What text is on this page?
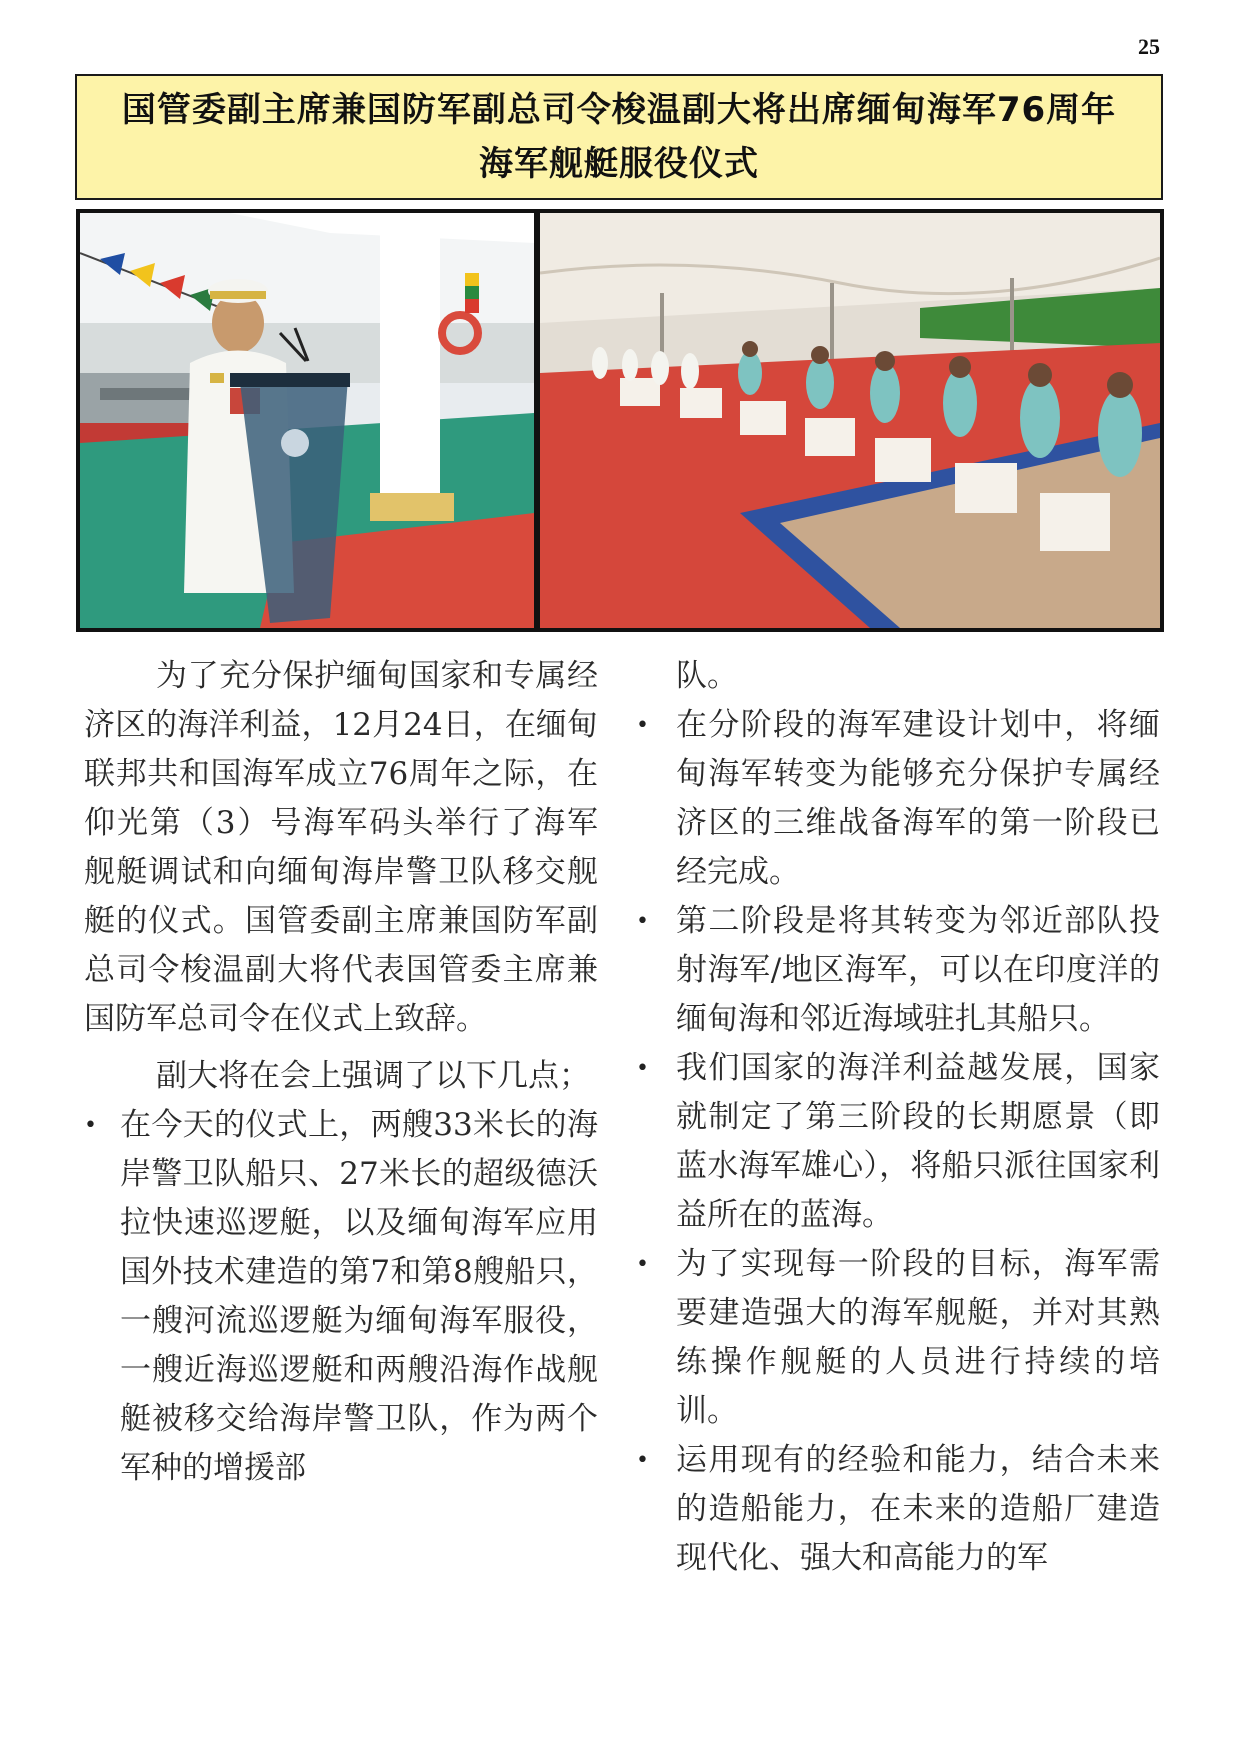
25
国管委副主席兼国防军副总司令梭温副大将出席缅甸海军76周年
海军舰艇服役仪式

为了充分保护缅甸国家和专属经济区的海洋利益，12月24日，在缅甸联邦共和国海军成立76周年之际，在仰光第（3）号海军码头举行了海军舰艇调试和向缅甸海岸警卫队移交舰艇的仪式。国管委副主席兼国防军副总司令梭温副大将代表国管委主席兼国防军总司令在仪式上致辞。

副大将在会上强调了以下几点；

• 在今天的仪式上，两艘33米长的海岸警卫队船只、27米长的超级德沃拉快速巡逻艇，以及缅甸海军应用国外技术建造的第7和第8艘船只，一艘河流巡逻艇为缅甸海军服役，一艘近海巡逻艇和两艘沿海作战舰艇被移交给海岸警卫队，作为两个军种的增援部
队。
• 在分阶段的海军建设计划中，将缅甸海军转变为能够充分保护专属经济区的三维战备海军的第一阶段已经完成。
• 第二阶段是将其转变为邻近部队投射海军/地区海军，可以在印度洋的缅甸海和邻近海域驻扎其船只。
• 我们国家的海洋利益越发展，国家就制定了第三阶段的长期愿景（即蓝水海军雄心），将船只派往国家利益所在的蓝海。
• 为了实现每一阶段的目标，海军需要建造强大的海军舰艇，并对其熟练操作舰艇的人员进行持续的培训。
• 运用现有的经验和能力，结合未来的造船能力，在未来的造船厂建造现代化、强大和高能力的军
